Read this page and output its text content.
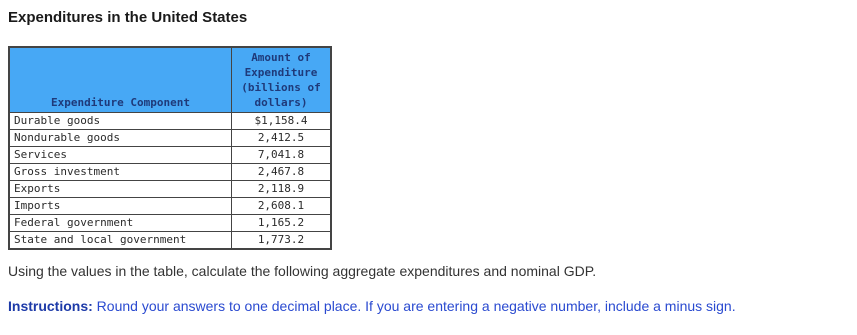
Expenditures in the United States
Expenditure Component	Amount of
Expenditure
(billions of
dollars)
Durable goods	$1,158.4
Nondurable goods	2,412.5
Services	7,041.8
Gross investment	2,467.8
Exports	2,118.9
Imports	2,608.1
Federal government	1,165.2
State and local government	1,773.2
Using the values in the table, calculate the following aggregate expenditures and nominal GDP.
Instructions: Round your answers to one decimal place. If you are entering a negative number, include a minus sign.
